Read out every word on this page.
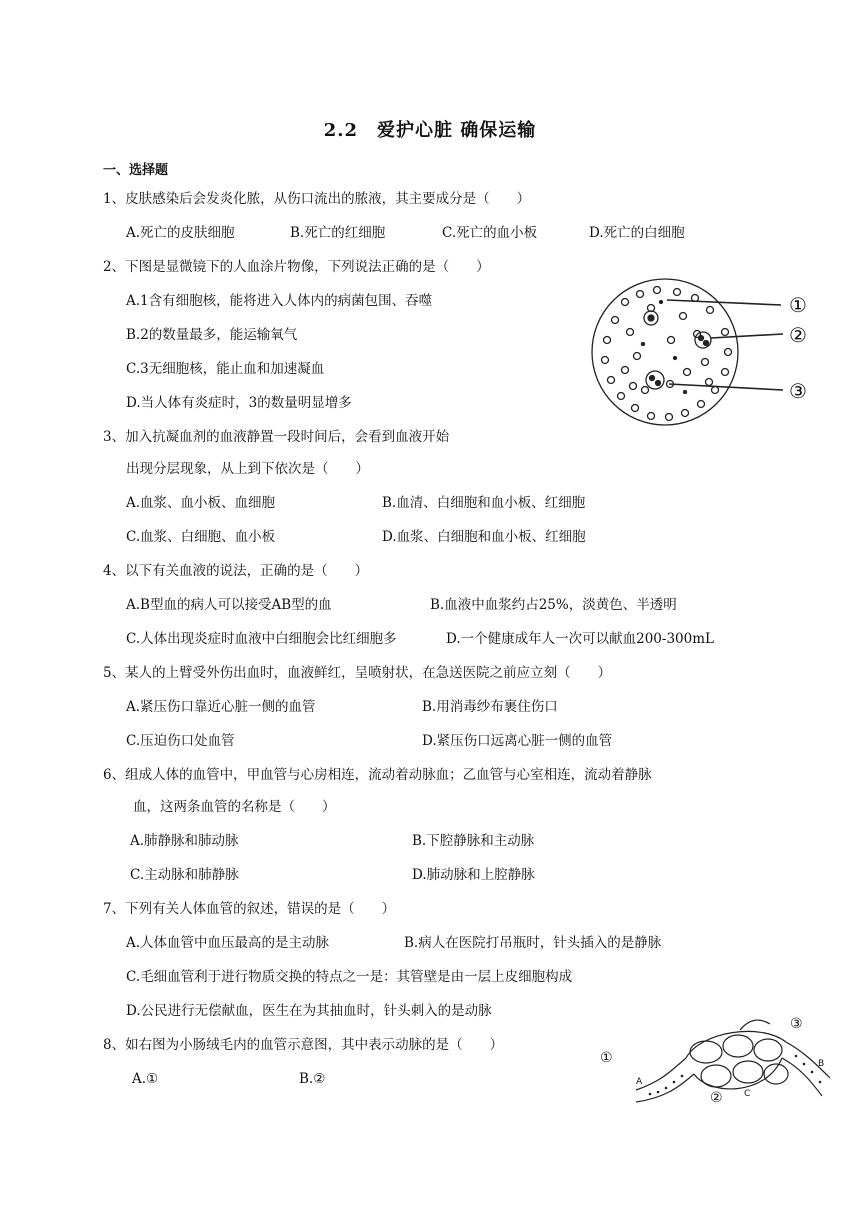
2.2　爱护心脏 确保运输
一、选择题
1、皮肤感染后会发炎化脓，从伤口流出的脓液，其主要成分是（　　）
A.死亡的皮肤细胞	B.死亡的红细胞	C.死亡的血小板	D.死亡的白细胞
2、下图是显微镜下的人血涂片物像，下列说法正确的是（　　）
A.1含有细胞核，能将进入人体内的病菌包围、吞噬
B.2的数量最多，能运输氧气
C.3无细胞核，能止血和加速凝血
D.当人体有炎症时，3的数量明显增多
①
②
③
3、加入抗凝血剂的血液静置一段时间后，会看到血液开始
出现分层现象，从上到下依次是（　　）
A.血浆、血小板、血细胞	B.血清、白细胞和血小板、红细胞
C.血浆、白细胞、血小板	D.血浆、白细胞和血小板、红细胞
4、以下有关血液的说法，正确的是（　　）
A.B型血的病人可以接受AB型的血	B.血液中血浆约占25%，淡黄色、半透明
C.人体出现炎症时血液中白细胞会比红细胞多	D.一个健康成年人一次可以献血200-300mL
5、某人的上臂受外伤出血时，血液鲜红，呈喷射状，在急送医院之前应立刻（　　）
A.紧压伤口靠近心脏一侧的血管	B.用消毒纱布裹住伤口
C.压迫伤口处血管	D.紧压伤口远离心脏一侧的血管
6、组成人体的血管中，甲血管与心房相连，流动着动脉血；乙血管与心室相连，流动着静脉
血，这两条血管的名称是（　　）
A.肺静脉和肺动脉	B.下腔静脉和主动脉
C.主动脉和肺静脉	D.肺动脉和上腔静脉
7、下列有关人体血管的叙述，错误的是（　　）
A.人体血管中血压最高的是主动脉	B.病人在医院打吊瓶时，针头插入的是静脉
C.毛细血管利于进行物质交换的特点之一是：其管壁是由一层上皮细胞构成
D.公民进行无偿献血，医生在为其抽血时，针头刺入的是动脉
8、如右图为小肠绒毛内的血管示意图，其中表示动脉的是（　　）
A.①	B.②
①
②
③
A
B
C
